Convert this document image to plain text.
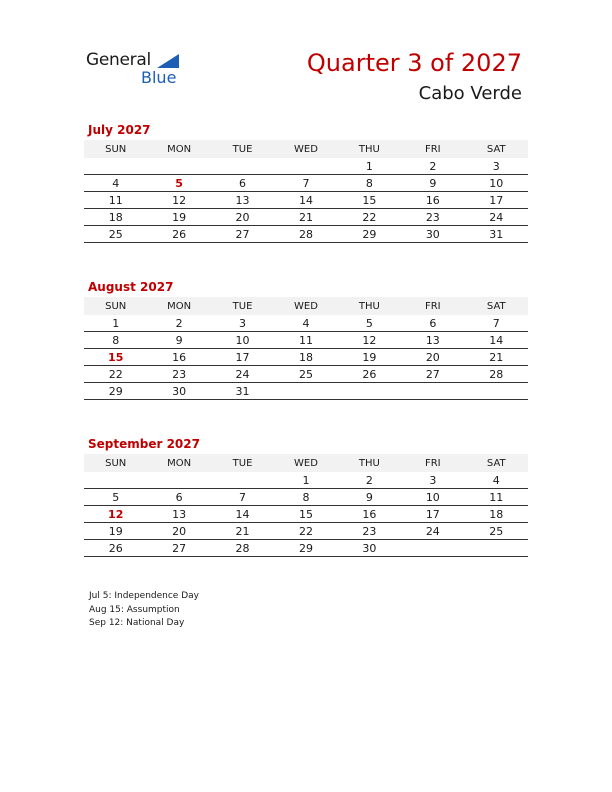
General
Blue
Quarter 3 of 2027
Cabo Verde
July 2027
SUN	MON	TUE	WED	THU	FRI	SAT
				1	2	3
4	5	6	7	8	9	10
11	12	13	14	15	16	17
18	19	20	21	22	23	24
25	26	27	28	29	30	31
August 2027
SUN	MON	TUE	WED	THU	FRI	SAT
1	2	3	4	5	6	7
8	9	10	11	12	13	14
15	16	17	18	19	20	21
22	23	24	25	26	27	28
29	30	31				
September 2027
SUN	MON	TUE	WED	THU	FRI	SAT
			1	2	3	4
5	6	7	8	9	10	11
12	13	14	15	16	17	18
19	20	21	22	23	24	25
26	27	28	29	30		
Jul 5: Independence Day
Aug 15: Assumption
Sep 12: National Day
